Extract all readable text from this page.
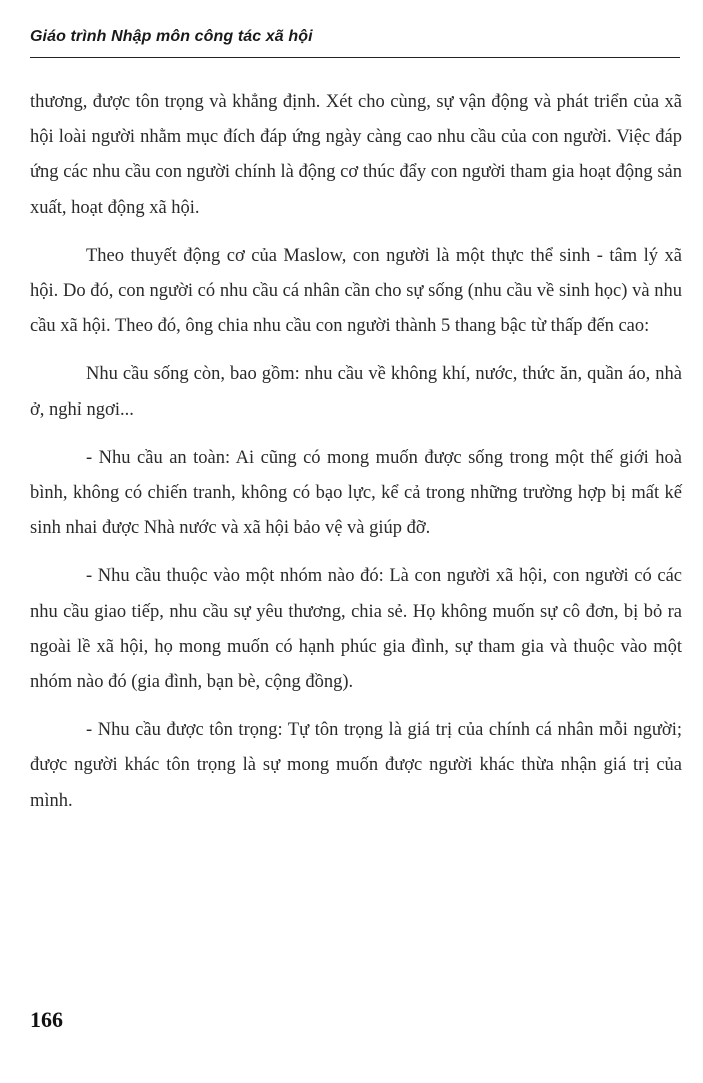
Giáo trình Nhập môn công tác xã hội

thương, được tôn trọng và khẳng định. Xét cho cùng, sự vận động và phát triển của xã hội loài người nhằm mục đích đáp ứng ngày càng cao nhu cầu của con người. Việc đáp ứng các nhu cầu con người chính là động cơ thúc đẩy con người tham gia hoạt động sản xuất, hoạt động xã hội.

Theo thuyết động cơ của Maslow, con người là một thực thể sinh - tâm lý xã hội. Do đó, con người có nhu cầu cá nhân cần cho sự sống (nhu cầu về sinh học) và nhu cầu xã hội. Theo đó, ông chia nhu cầu con người thành 5 thang bậc từ thấp đến cao:

Nhu cầu sống còn, bao gồm: nhu cầu về không khí, nước, thức ăn, quần áo, nhà ở, nghỉ ngơi...

- Nhu cầu an toàn: Ai cũng có mong muốn được sống trong một thế giới hoà bình, không có chiến tranh, không có bạo lực, kể cả trong những trường hợp bị mất kế sinh nhai được Nhà nước và xã hội bảo vệ và giúp đỡ.

- Nhu cầu thuộc vào một nhóm nào đó: Là con người xã hội, con người có các nhu cầu giao tiếp, nhu cầu sự yêu thương, chia sẻ. Họ không muốn sự cô đơn, bị bỏ ra ngoài lề xã hội, họ mong muốn có hạnh phúc gia đình, sự tham gia và thuộc vào một nhóm nào đó (gia đình, bạn bè, cộng đồng).

- Nhu cầu được tôn trọng: Tự tôn trọng là giá trị của chính cá nhân mỗi người; được người khác tôn trọng là sự mong muốn được người khác thừa nhận giá trị của mình.

166
